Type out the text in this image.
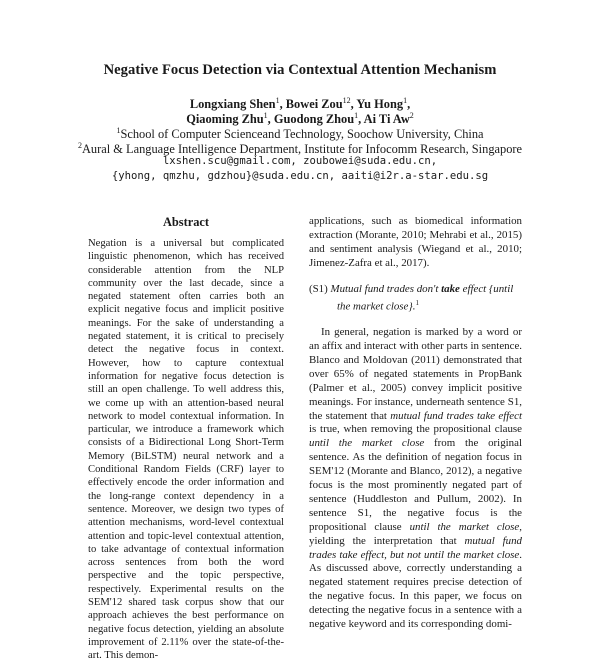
Negative Focus Detection via Contextual Attention Mechanism
Longxiang Shen$^1$, Bowei Zou$^{12}$, Yu Hong$^1$,
Qiaoming Zhu$^1$, Guodong Zhou$^1$, Ai Ti Aw$^2$
$^1$School of Computer Scienceand Technology, Soochow University, China
$^2$Aural & Language Intelligence Department, Institute for Infocomm Research, Singapore
lxshen.scu@gmail.com, zoubowei@suda.edu.cn,
{yhong, qmzhu, gdzhou}@suda.edu.cn, aaiti@i2r.a-star.edu.sg
Abstract
Negation is a universal but complicated linguistic phenomenon, which has received considerable attention from the NLP community over the last decade, since a negated statement often carries both an explicit negative focus and implicit positive meanings. For the sake of understanding a negated statement, it is critical to precisely detect the negative focus in context. However, how to capture contextual information for negative focus detection is still an open challenge. To well address this, we come up with an attention-based neural network to model contextual information. In particular, we introduce a framework which consists of a Bidirectional Long Short-Term Memory (BiLSTM) neural network and a Conditional Random Fields (CRF) layer to effectively encode the order information and the long-range context dependency in a sentence. Moreover, we design two types of attention mechanisms, word-level contextual attention and topic-level contextual attention, to take advantage of contextual information across sentences from both the word perspective and the topic perspective, respectively. Experimental results on the SEM'12 shared task corpus show that our approach achieves the best performance on negative focus detection, yielding an absolute improvement of 2.11% over the state-of-the-art. This demon-

applications, such as biomedical information extraction (Morante, 2010; Mehrabi et al., 2015) and sentiment analysis (Wiegand et al., 2010; Jimenez-Zafra et al., 2017).

(S1) Mutual fund trades don't take effect {until the market close}.$^1$

In general, negation is marked by a word or an affix and interact with other parts in sentence. Blanco and Moldovan (2011) demonstrated that over 65% of negated statements in PropBank (Palmer et al., 2005) convey implicit positive meanings. For instance, underneath sentence S1, the statement that mutual fund trades take effect is true, when removing the propositional clause until the market close from the original sentence. As the definition of negation focus in SEM'12 (Morante and Blanco, 2012), a negative focus is the most prominently negated part of sentence (Huddleston and Pullum, 2002). In sentence S1, the negative focus is the propositional clause until the market close, yielding the interpretation that mutual fund trades take effect, but not until the market close. As discussed above, correctly understanding a negated statement requires precise detection of the negative focus. In this paper, we focus on detecting the negative focus in a sentence with a negative keyword and its corresponding domi-
